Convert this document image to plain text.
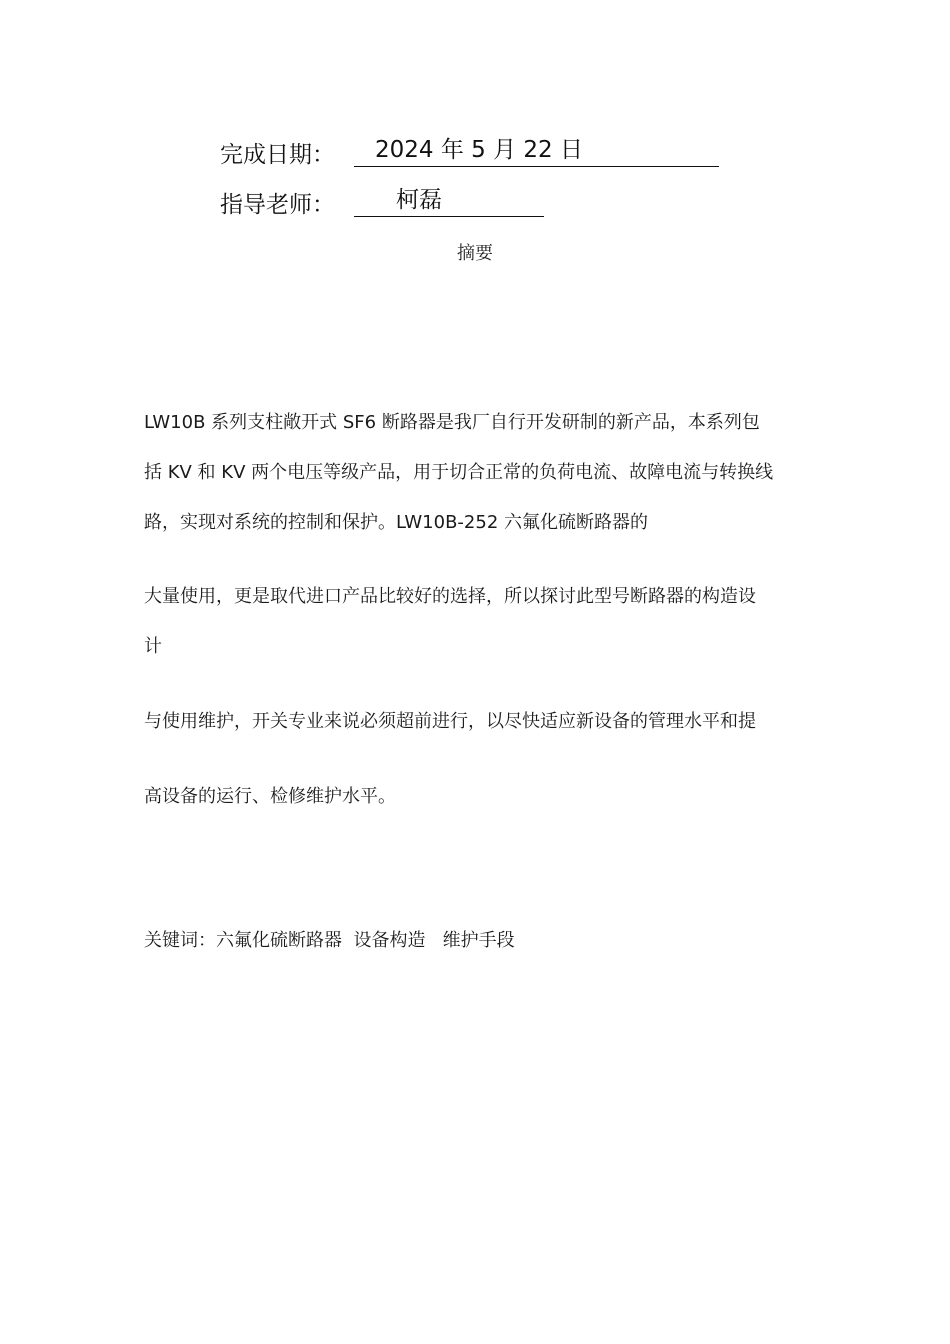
完成日期： 2024 年 5 月 22 日
指导老师：	柯磊
摘要
LW10B 系列支柱敞开式 SF6 断路器是我厂自行开发研制的新产品，本系列包
括 KV 和 KV 两个电压等级产品，用于切合正常的负荷电流、故障电流与转换线
路，实现对系统的控制和保护。LW10B-252 六氟化硫断路器的
大量使用，更是取代进口产品比较好的选择，所以探讨此型号断路器的构造设
计
与使用维护，开关专业来说必须超前进行，以尽快适应新设备的管理水平和提
高设备的运行、检修维护水平。
关键词：六氟化硫断路器  设备构造   维护手段
